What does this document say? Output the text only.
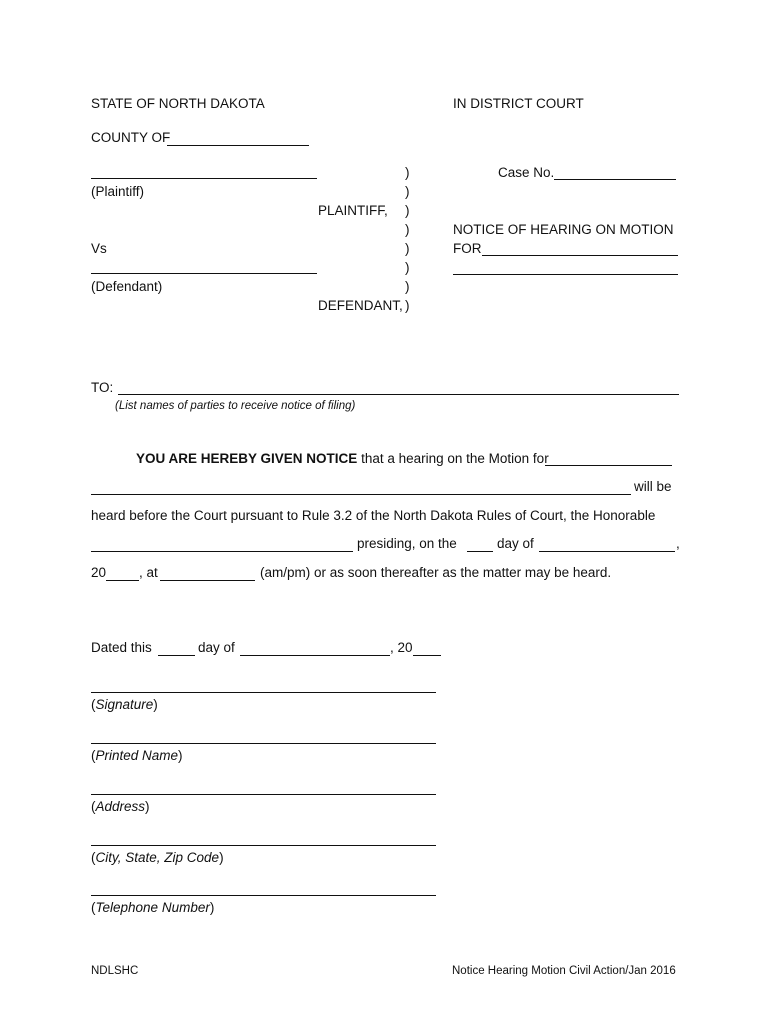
STATE OF NORTH DAKOTA	IN DISTRICT COURT
COUNTY OF
(Plaintiff)
PLAINTIFF,
Vs
(Defendant)
DEFENDANT,
)
)
)
)
)
)
)
)
Case No.
NOTICE OF HEARING ON MOTION
FOR
TO:
(List names of parties to receive notice of filing)
YOU ARE HEREBY GIVEN NOTICE that a hearing on the Motion for
will be
heard before the Court pursuant to Rule 3.2 of the North Dakota Rules of Court, the Honorable
presiding, on the	day of	,
20 , at	(am/pm) or as soon thereafter as the matter may be heard.
Dated this	day of	, 20
(Signature)
(Printed Name)
(Address)
(City, State, Zip Code)
(Telephone Number)
NDLSHC	Notice Hearing Motion Civil Action/Jan 2016
